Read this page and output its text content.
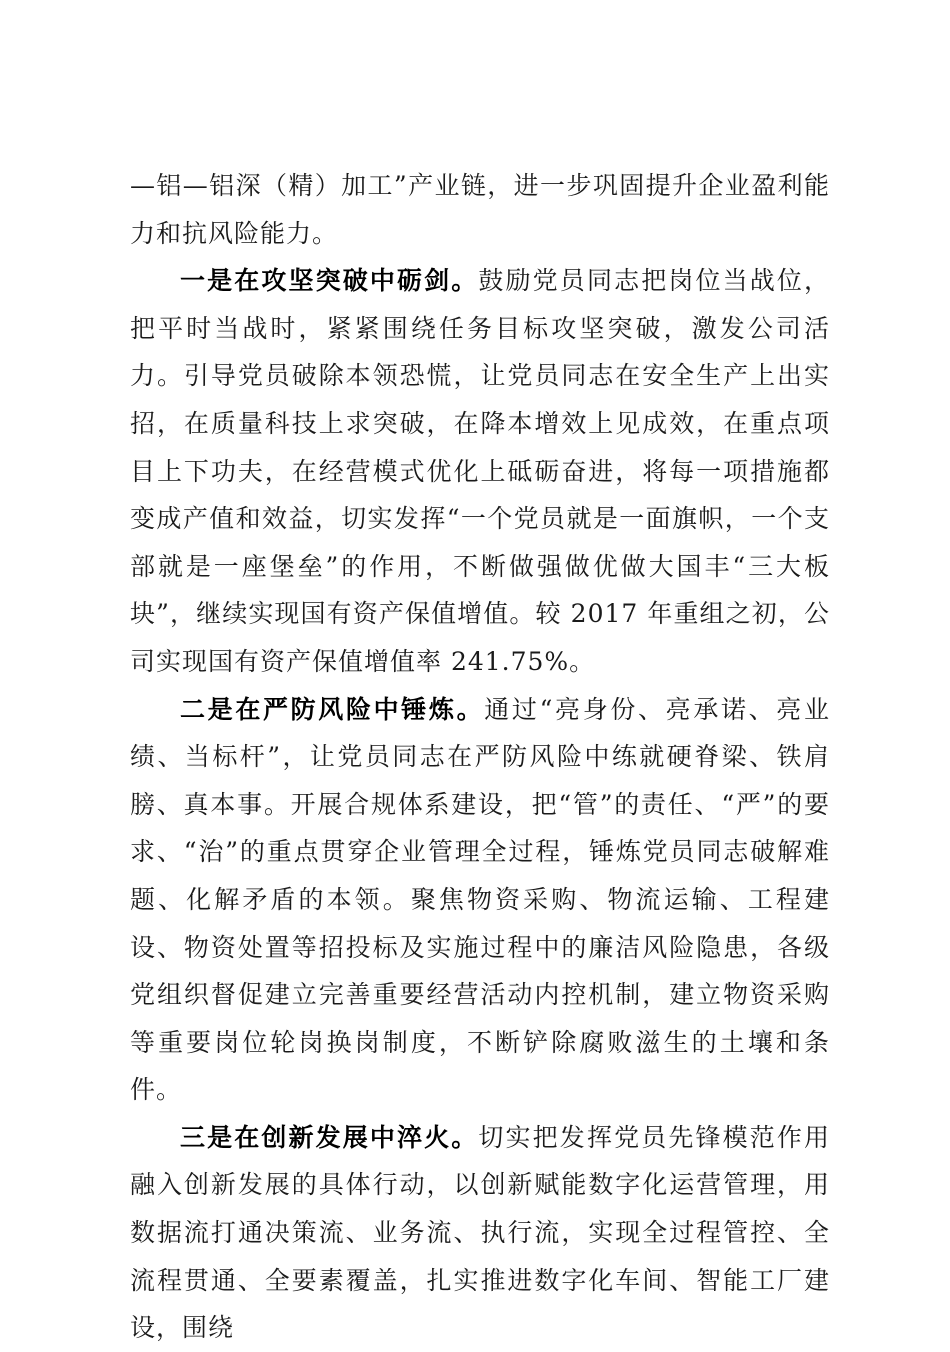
—铝—铝深（精）加工”产业链，进一步巩固提升企业盈利能力和抗风险能力。

一是在攻坚突破中砺剑。鼓励党员同志把岗位当战位，把平时当战时，紧紧围绕任务目标攻坚突破，激发公司活力。引导党员破除本领恐慌，让党员同志在安全生产上出实招，在质量科技上求突破，在降本增效上见成效，在重点项目上下功夫，在经营模式优化上砥砺奋进，将每一项措施都变成产值和效益，切实发挥“一个党员就是一面旗帜，一个支部就是一座堡垒”的作用，不断做强做优做大国丰“三大板块”，继续实现国有资产保值增值。较 2017 年重组之初，公司实现国有资产保值增值率 241.75%。

二是在严防风险中锤炼。通过“亮身份、亮承诺、亮业绩、当标杆”，让党员同志在严防风险中练就硬脊梁、铁肩膀、真本事。开展合规体系建设，把“管”的责任、“严”的要求、“治”的重点贯穿企业管理全过程，锤炼党员同志破解难题、化解矛盾的本领。聚焦物资采购、物流运输、工程建设、物资处置等招投标及实施过程中的廉洁风险隐患，各级党组织督促建立完善重要经营活动内控机制，建立物资采购等重要岗位轮岗换岗制度，不断铲除腐败滋生的土壤和条件。

三是在创新发展中淬火。切实把发挥党员先锋模范作用融入创新发展的具体行动，以创新赋能数字化运营管理，用数据流打通决策流、业务流、执行流，实现全过程管控、全流程贯通、全要素覆盖，扎实推进数字化车间、智能工厂建设，围绕
